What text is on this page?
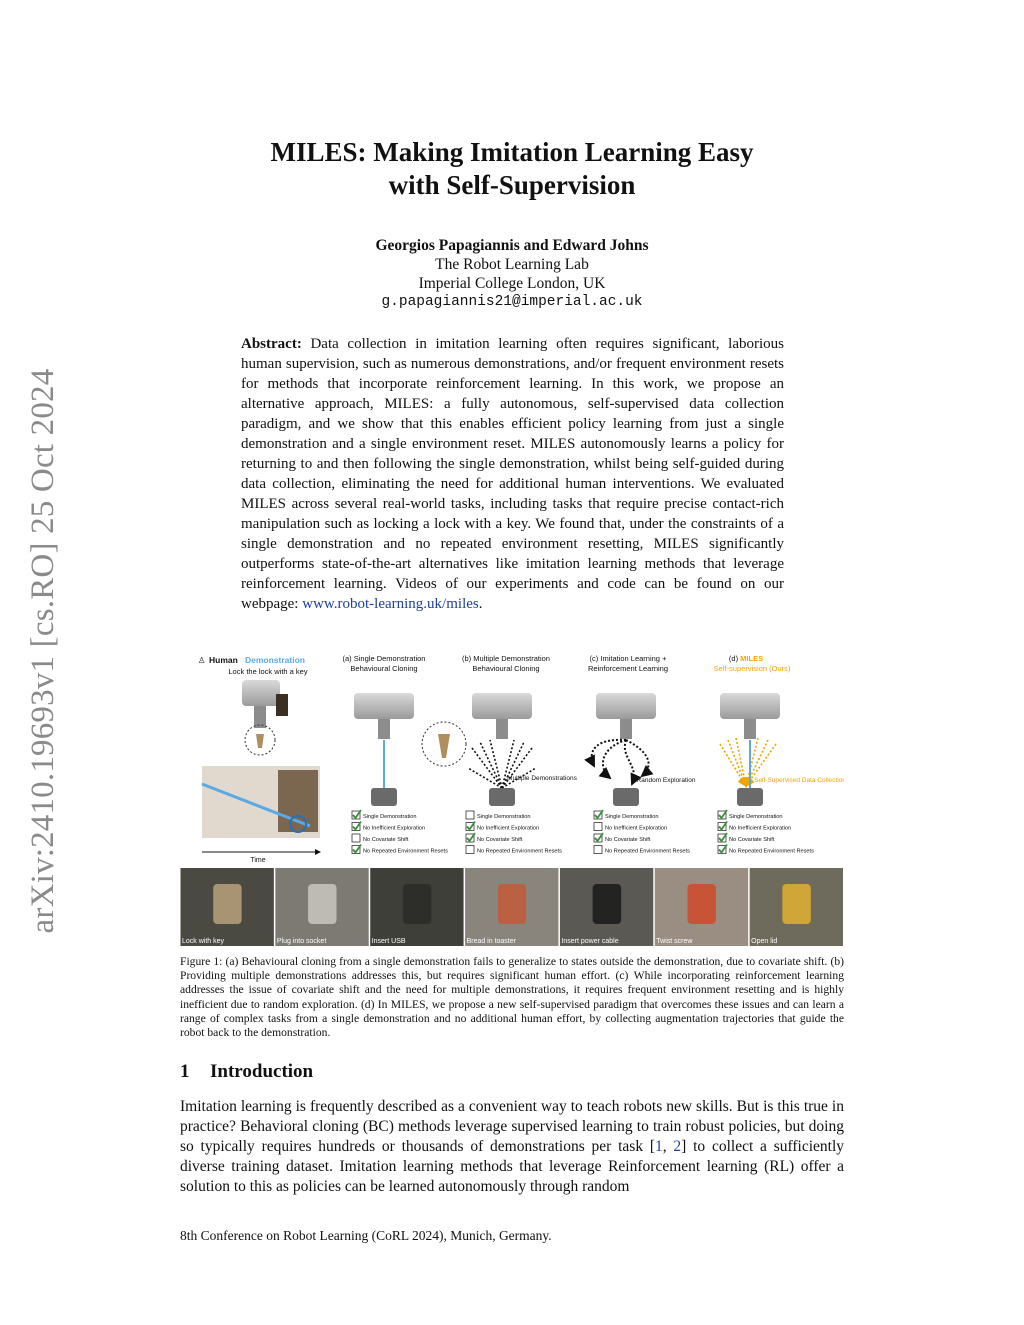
arXiv:2410.19693v1 [cs.RO] 25 Oct 2024
MILES: Making Imitation Learning Easy
with Self-Supervision
Georgios Papagiannis and Edward Johns
The Robot Learning Lab
Imperial College London, UK
g.papagiannis21@imperial.ac.uk
Abstract: Data collection in imitation learning often requires significant, laborious human supervision, such as numerous demonstrations, and/or frequent environment resets for methods that incorporate reinforcement learning. In this work, we propose an alternative approach, MILES: a fully autonomous, self-supervised data collection paradigm, and we show that this enables efficient policy learning from just a single demonstration and a single environment reset. MILES autonomously learns a policy for returning to and then following the single demonstration, whilst being self-guided during data collection, eliminating the need for additional human interventions. We evaluated MILES across several real-world tasks, including tasks that require precise contact-rich manipulation such as locking a lock with a key. We found that, under the constraints of a single demonstration and no repeated environment resetting, MILES significantly outperforms state-of-the-art alternatives like imitation learning methods that leverage reinforcement learning. Videos of our experiments and code can be found on our webpage: www.robot-learning.uk/miles.
♙ Human Demonstration
Lock the lock with a key
Time
(a) Single Demonstration
Behavioural Cloning
(b) Multiple Demonstration
Behavioural Cloning
Multiple Demonstrations
(c) Imitation Learning +
Reinforcement Learning
Random Exploration
(d) MILES
Self-supervision (Ours)
Self-Supervised Data Collection
Single Demonstration
No Inefficient Exploration
No Covariate Shift
No Repeated Environment Resets
Single Demonstration
No Inefficient Exploration
No Covariate Shift
No Repeated Environment Resets
Single Demonstration
No Inefficient Exploration
No Covariate Shift
No Repeated Environment Resets
Single Demonstration
No Inefficient Exploration
No Covariate Shift
No Repeated Environment Resets
Lock with key	Plug into socket	Insert USB	Bread in toaster	Insert power cable	Twist screw	Open lid
Figure 1: (a) Behavioural cloning from a single demonstration fails to generalize to states outside the demonstration, due to covariate shift. (b) Providing multiple demonstrations addresses this, but requires significant human effort. (c) While incorporating reinforcement learning addresses the issue of covariate shift and the need for multiple demonstrations, it requires frequent environment resetting and is highly inefficient due to random exploration. (d) In MILES, we propose a new self-supervised paradigm that overcomes these issues and can learn a range of complex tasks from a single demonstration and no additional human effort, by collecting augmentation trajectories that guide the robot back to the demonstration.
1 Introduction
Imitation learning is frequently described as a convenient way to teach robots new skills. But is this true in practice? Behavioral cloning (BC) methods leverage supervised learning to train robust policies, but doing so typically requires hundreds or thousands of demonstrations per task [1, 2] to collect a sufficiently diverse training dataset. Imitation learning methods that leverage Reinforcement learning (RL) offer a solution to this as policies can be learned autonomously through random
8th Conference on Robot Learning (CoRL 2024), Munich, Germany.
